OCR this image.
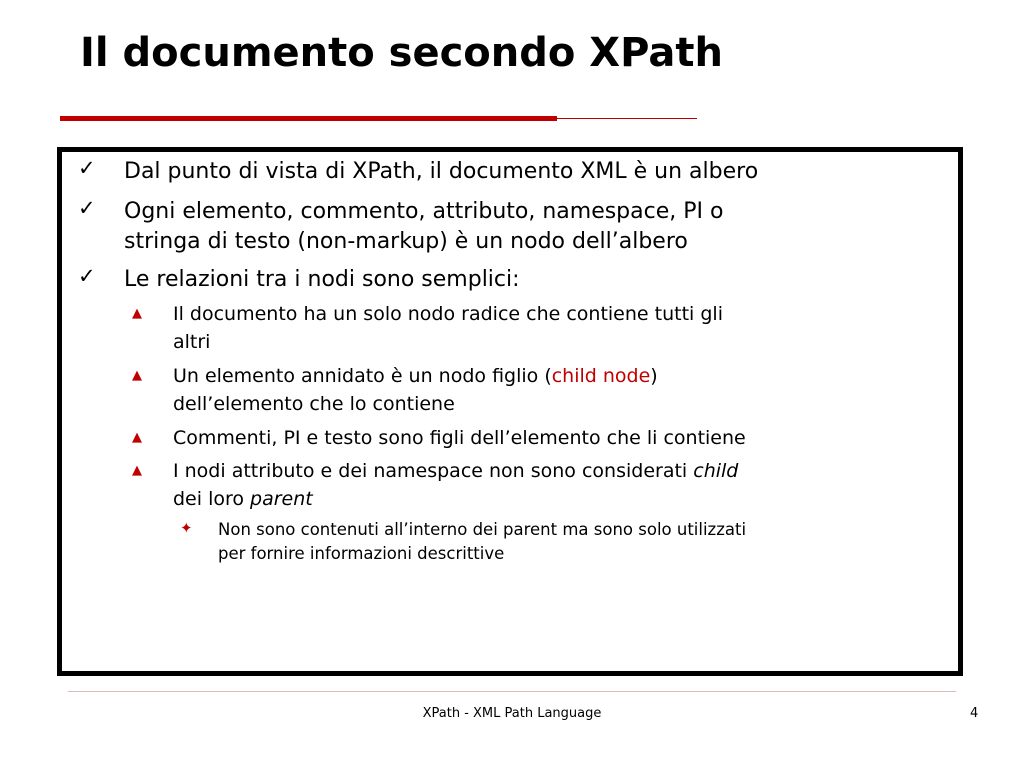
Il documento secondo XPath
✓ Dal punto di vista di XPath, il documento XML è un albero
✓ Ogni elemento, commento, attributo, namespace, PI o
stringa di testo (non-markup) è un nodo dell’albero
✓ Le relazioni tra i nodi sono semplici:
▲ Il documento ha un solo nodo radice che contiene tutti gli
altri
▲ Un elemento annidato è un nodo figlio (child node)
dell’elemento che lo contiene
▲ Commenti, PI e testo sono figli dell’elemento che li contiene
▲ I nodi attributo e dei namespace non sono considerati child
dei loro parent
✦ Non sono contenuti all’interno dei parent ma sono solo utilizzati
per fornire informazioni descrittive
XPath - XML Path Language	4
